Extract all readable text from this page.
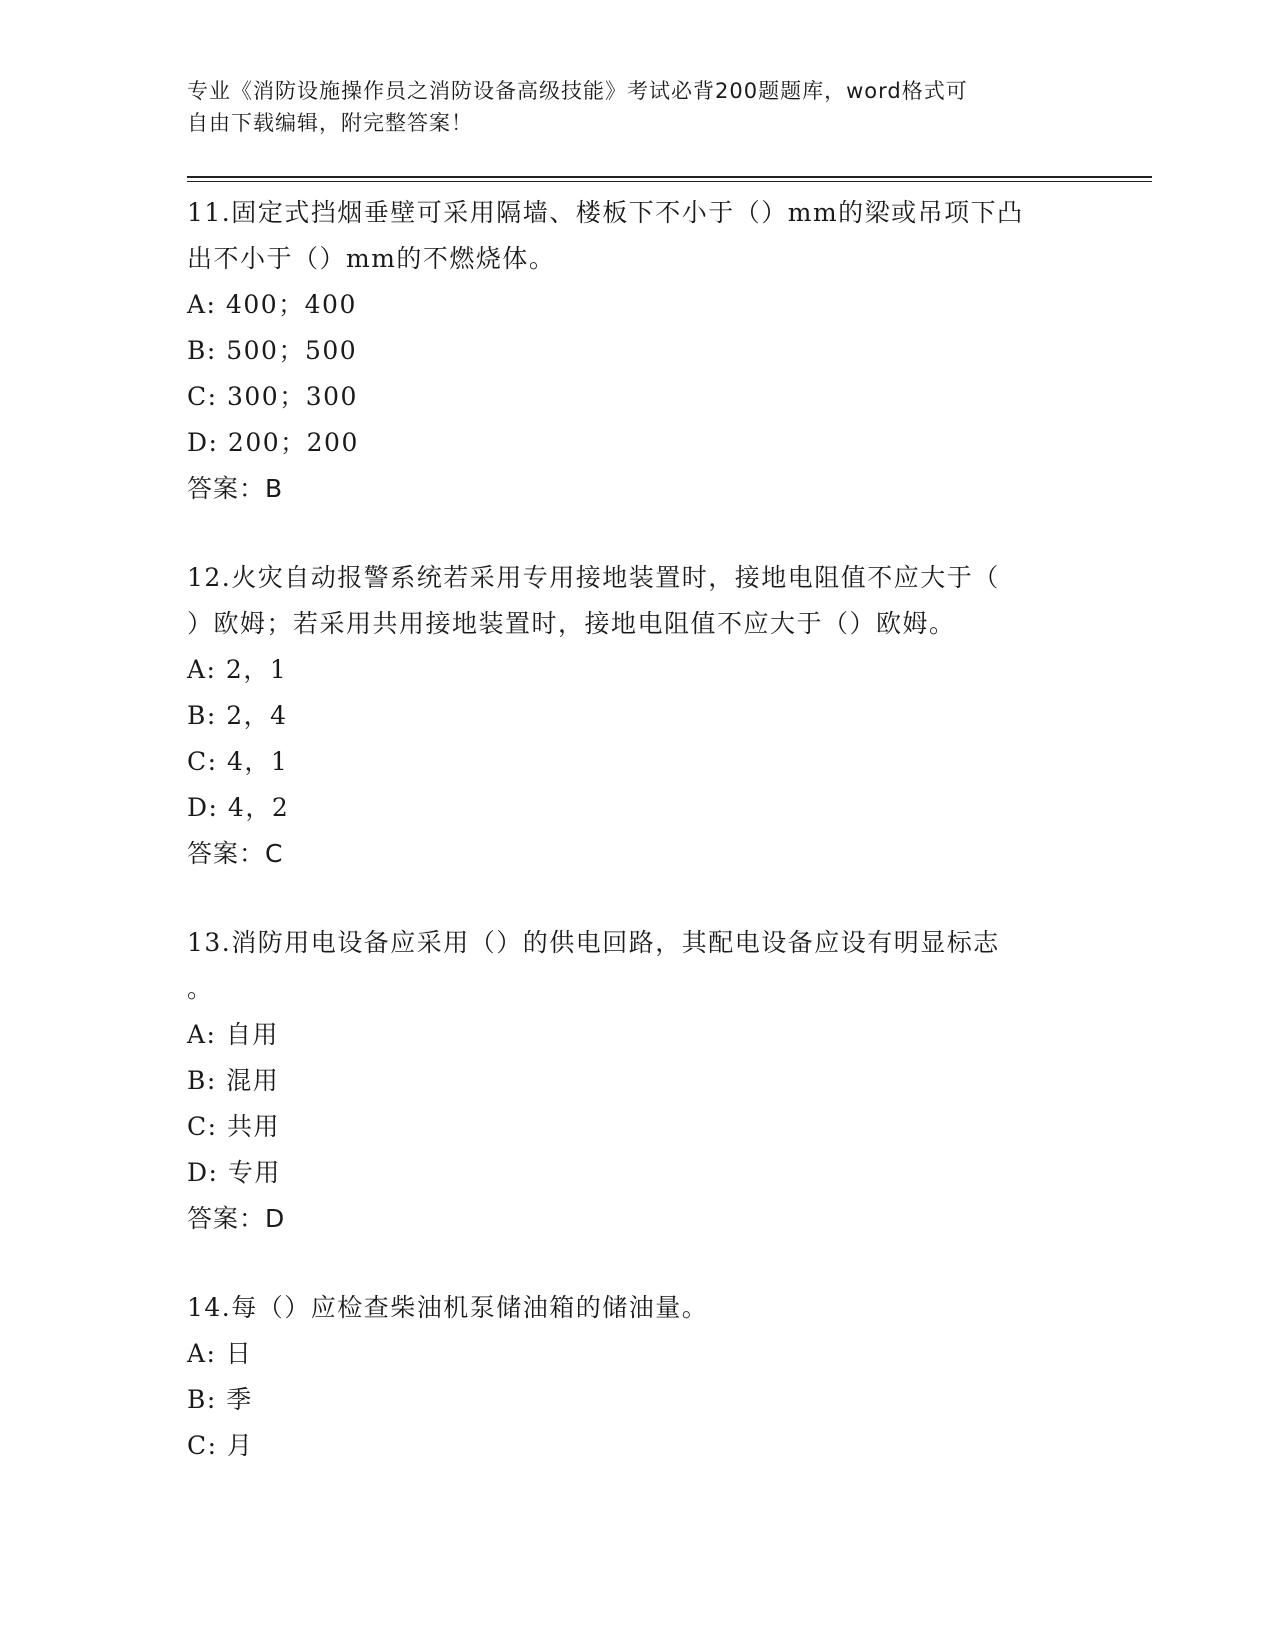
专业《消防设施操作员之消防设备高级技能》考试必背200题题库，word格式可
自由下载编辑，附完整答案！

11.固定式挡烟垂壁可采用隔墙、楼板下不小于（）mm的梁或吊项下凸

出不小于（）mm的不燃烧体。

A: 400；400

B: 500；500

C: 300；300

D: 200；200

答案：B

12.火灾自动报警系统若采用专用接地装置时，接地电阻值不应大于（

）欧姆；若采用共用接地装置时，接地电阻值不应大于（）欧姆。

A: 2，1

B: 2，4

C: 4，1

D: 4，2

答案：C

13.消防用电设备应采用（）的供电回路，其配电设备应设有明显标志

。

A: 自用

B: 混用

C: 共用

D: 专用

答案：D

14.每（）应检查柴油机泵储油箱的储油量。

A: 日

B: 季

C: 月
